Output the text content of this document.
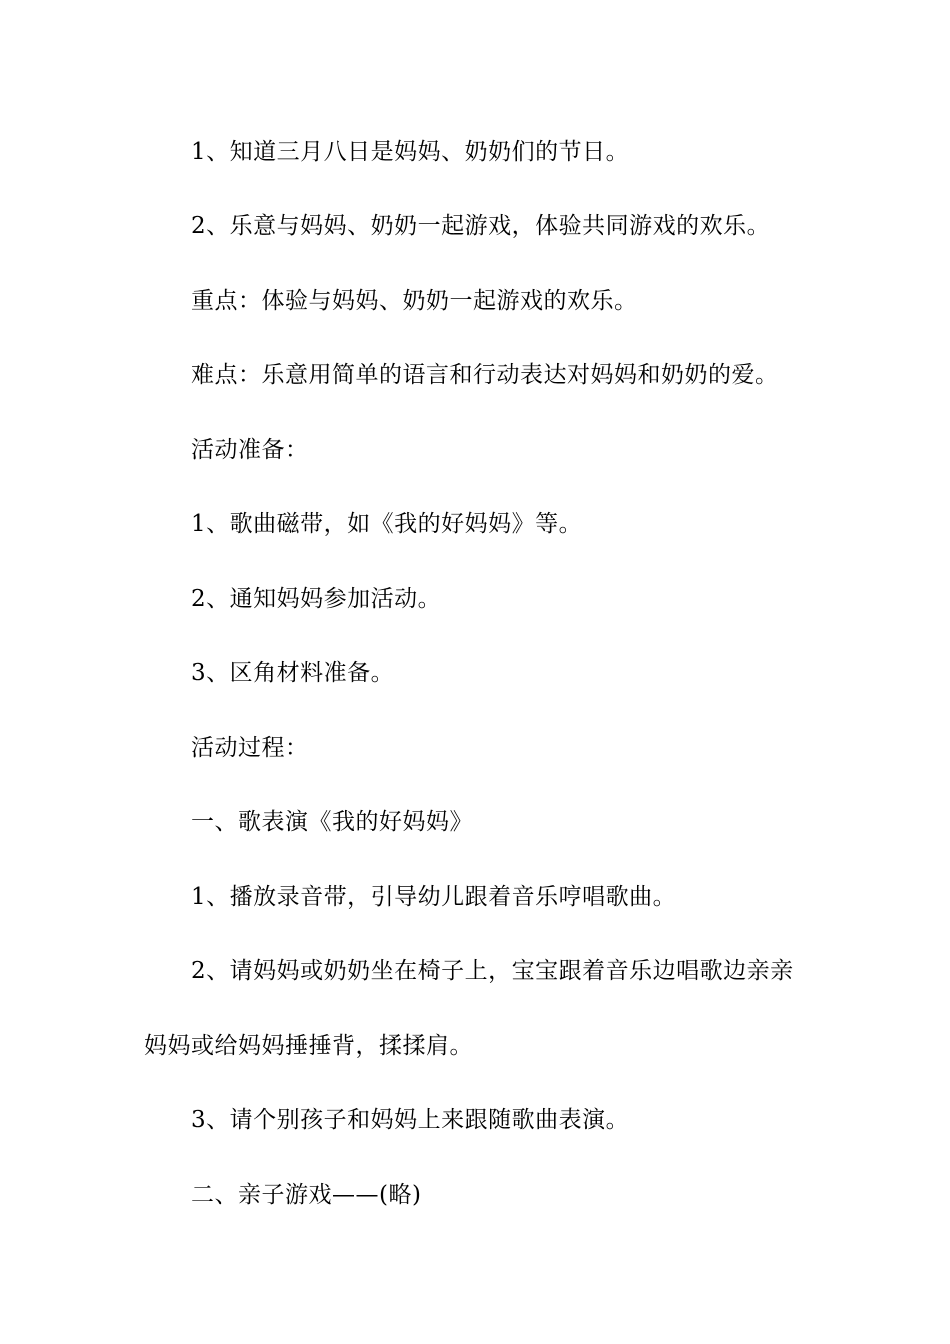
1、知道三月八日是妈妈、奶奶们的节日。

2、乐意与妈妈、奶奶一起游戏，体验共同游戏的欢乐。

重点：体验与妈妈、奶奶一起游戏的欢乐。

难点：乐意用简单的语言和行动表达对妈妈和奶奶的爱。

活动准备：

1、歌曲磁带，如《我的好妈妈》等。

2、通知妈妈参加活动。

3、区角材料准备。

活动过程：

一、歌表演《我的好妈妈》

1、播放录音带，引导幼儿跟着音乐哼唱歌曲。

2、请妈妈或奶奶坐在椅子上，宝宝跟着音乐边唱歌边亲亲

妈妈或给妈妈捶捶背，揉揉肩。

3、请个别孩子和妈妈上来跟随歌曲表演。

二、亲子游戏——(略)
